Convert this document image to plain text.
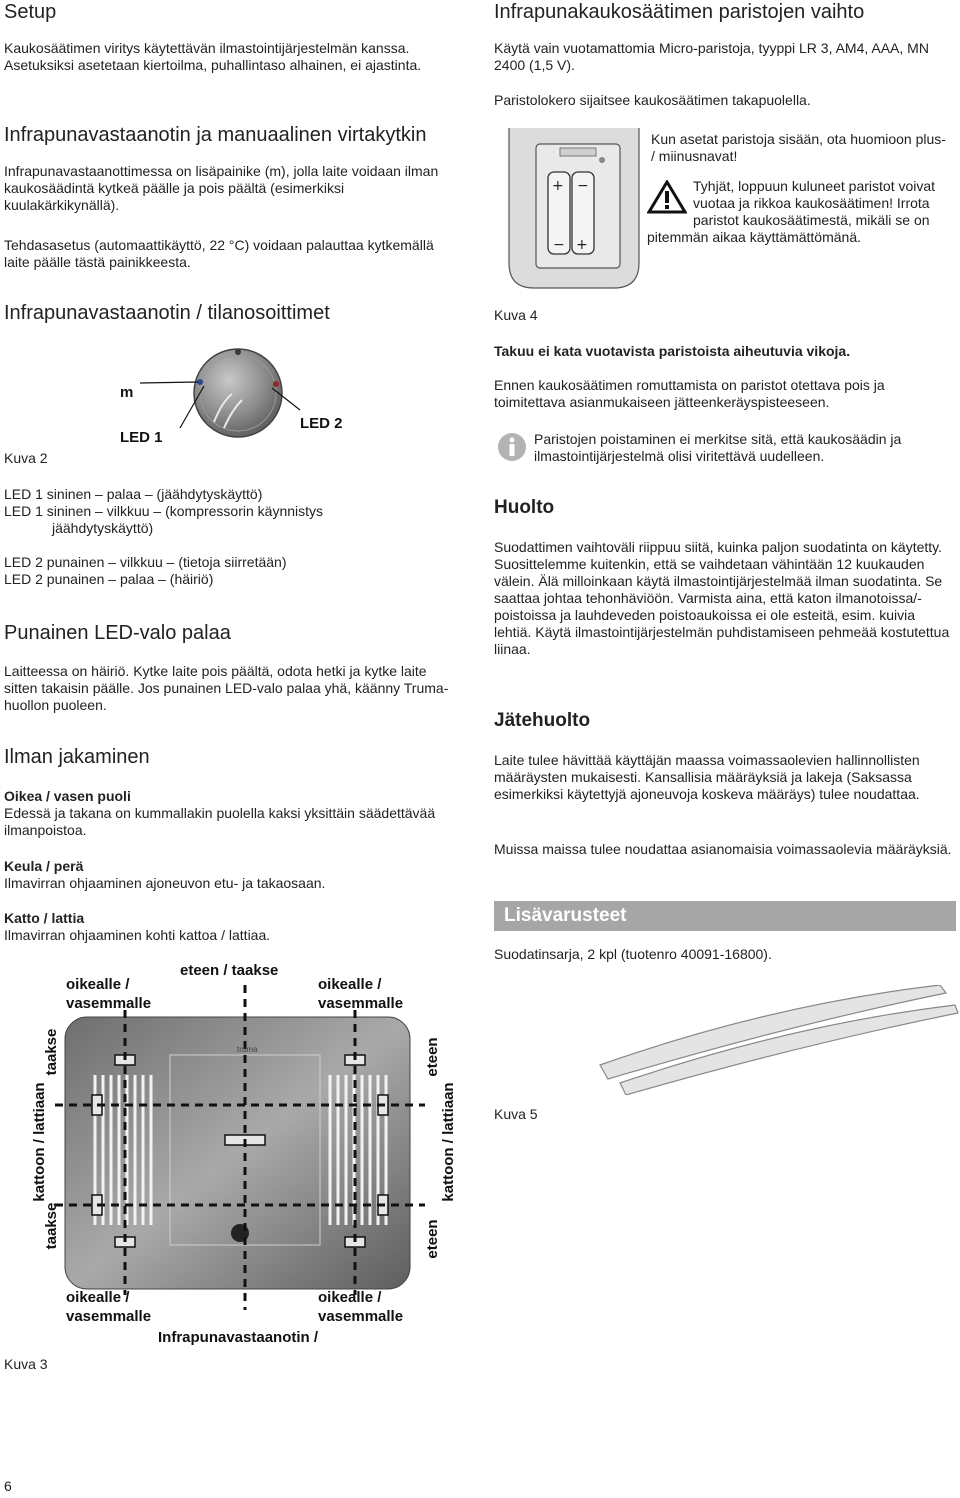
Setup

Kaukosäätimen viritys käytettävän ilmastointijärjestelmän kanssa. Asetuksiksi asetetaan kiertoilma, puhallintaso alhainen, ei ajastinta.

Infrapunavastaanotin ja manuaalinen virtakytkin

Infrapunavastaanottimessa on lisäpainike (m), jolla laite voidaan ilman kaukosäädintä kytkeä päälle ja pois päältä (esimerkiksi kuulakärkikynällä).

Tehdasasetus (automaattikäyttö, 22 °C) voidaan palauttaa kytkemällä laite päälle tästä painikkeesta.

Infrapunavastaanotin / tilanosoittimet
m
LED 1
LED 2
Kuva 2
LED 1 sininen – palaa – (jäähdytyskäyttö)
LED 1 sininen – vilkkuu – (kompressorin käynnistys
jäähdytyskäyttö)
LED 2 punainen – vilkkuu – (tietoja siirretään)
LED 2 punainen – palaa – (häiriö)
Punainen LED-valo palaa

Laitteessa on häiriö. Kytke laite pois päältä, odota hetki ja kytke laite sitten takaisin päälle. Jos punainen LED-valo palaa yhä, käänny Truma-huollon puoleen.

Ilman jakaminen
Oikea / vasen puoli
Edessä ja takana on kummallakin puolella kaksi yksittäin säädettävää ilmanpoistoa.
Keula / perä
Ilmavirran ohjaaminen ajoneuvon etu- ja takaosaan.
Katto / lattia
Ilmavirran ohjaaminen kohti kattoa / lattiaa.
truma
eteen / taakse
oikealle / vasemmalle
oikealle / vasemmalle
oikealle / vasemmalle
oikealle / vasemmalle
kattoon / lattiaan
taakse
taakse
eteen
eteen
kattoon / lattiaan
Infrapunavastaanotin /
Kuva 3
6
Infrapunakaukosäätimen paristojen vaihto

Käytä vain vuotamattomia Micro-paristoja, tyyppi LR 3, AM4, AAA, MN 2400 (1,5 V).

Paristolokero sijaitsee kaukosäätimen takapuolella.

+ −
− +

Kun asetat paristoja sisään, ota huomioon plus- / miinusnavat!

Tyhjät, loppuun kuluneet paristot voivat vuotaa ja rikkoa kaukosäätimen! Irrota paristot kaukosäätimestä, mikäli se on pitemmän aikaa käyttämättömänä.

Kuva 4

Takuu ei kata vuotavista paristoista aiheutuvia vikoja.

Ennen kaukosäätimen romuttamista on paristot otettava pois ja toimitettava asianmukaiseen jätteenkeräyspisteeseen.

Paristojen poistaminen ei merkitse sitä, että kaukosäädin ja ilmastointijärjestelmä olisi viritettävä uudelleen.

Huolto

Suodattimen vaihtoväli riippuu siitä, kuinka paljon suodatinta on käytetty. Suosittelemme kuitenkin, että se vaihdetaan vähintään 12 kuukauden välein. Älä milloinkaan käytä ilmastointijärjestelmää ilman suodatinta. Se saattaa johtaa tehonhäviöön. Varmista aina, että katon ilmanotoissa/-poistoissa ja lauhdeveden poistoaukoissa ei ole esteitä, esim. kuivia lehtiä. Käytä ilmastointijärjestelmän puhdistamiseen pehmeää kostutettua liinaa.

Jätehuolto

Laite tulee hävittää käyttäjän maassa voimassaolevien hallinnollisten määräysten mukaisesti. Kansallisia määräyksiä ja lakeja (Saksassa esimerkiksi käytettyjä ajoneuvoja koskeva määräys) tulee noudattaa.

Muissa maissa tulee noudattaa asianomaisia voimassaolevia määräyksiä.

Lisävarusteet

Suodatinsarja, 2 kpl (tuotenro 40091-16800).

Kuva 5
